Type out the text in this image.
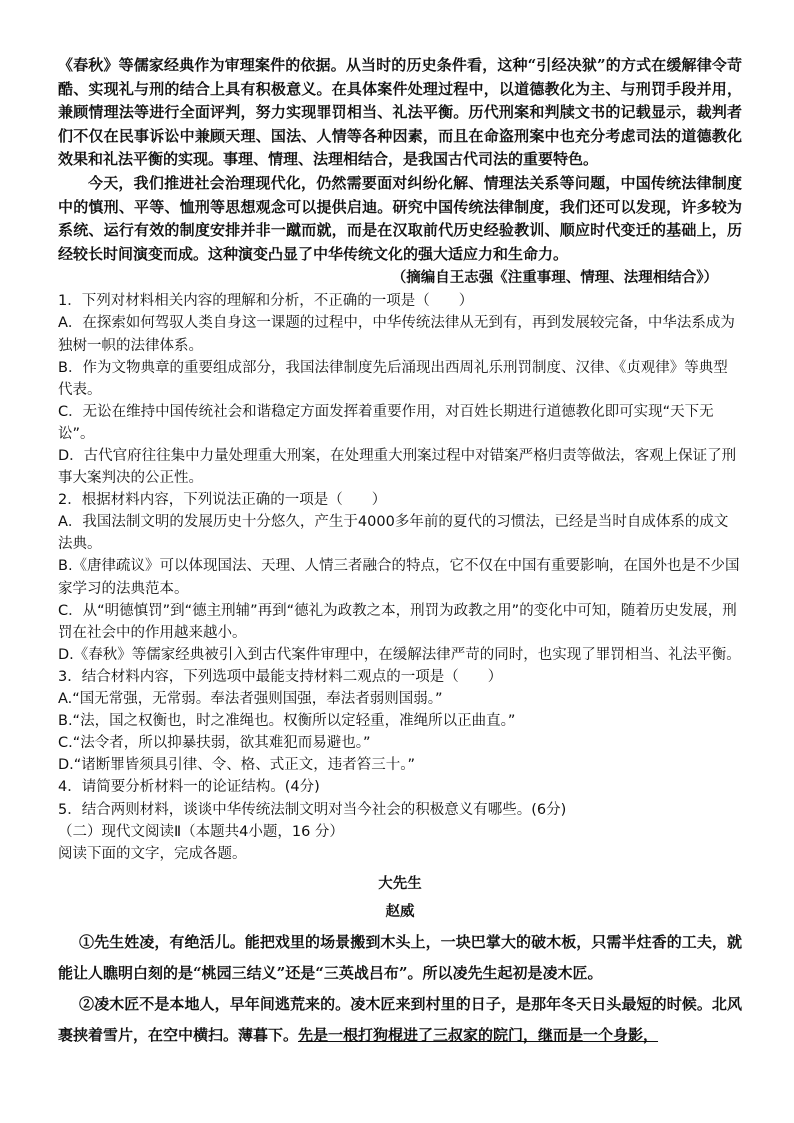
《春秋》等儒家经典作为审理案件的依据。从当时的历史条件看，这种“引经决狱”的方式在缓解律令苛酷、实现礼与刑的结合上具有积极意义。在具体案件处理过程中，以道德教化为主、与刑罚手段并用，兼顾情理法等进行全面评判，努力实现罪罚相当、礼法平衡。历代刑案和判牍文书的记载显示，裁判者们不仅在民事诉讼中兼顾天理、国法、人情等各种因素，而且在命盗刑案中也充分考虑司法的道德教化效果和礼法平衡的实现。事理、情理、法理相结合，是我国古代司法的重要特色。

今天，我们推进社会治理现代化，仍然需要面对纠纷化解、情理法关系等问题，中国传统法律制度中的慎刑、平等、恤刑等思想观念可以提供启迪。研究中国传统法律制度，我们还可以发现，许多较为系统、运行有效的制度安排并非一蹴而就，而是在汉取前代历史经验教训、顺应时代变迁的基础上，历经较长时间演变而成。这种演变凸显了中华传统文化的强大适应力和生命力。

（摘编自王志强《注重事理、情理、法理相结合》）

1．下列对材料相关内容的理解和分析，不正确的一项是（　　）

A．在探索如何驾驭人类自身这一课题的过程中，中华传统法律从无到有，再到发展较完备，中华法系成为独树一帜的法律体系。

B．作为文物典章的重要组成部分，我国法律制度先后涌现出西周礼乐刑罚制度、汉律、《贞观律》等典型代表。

C．无讼在维持中国传统社会和谐稳定方面发挥着重要作用，对百姓长期进行道德教化即可实现“天下无讼”。

D．古代官府往往集中力量处理重大刑案，在处理重大刑案过程中对错案严格归责等做法，客观上保证了刑事大案判决的公正性。

2．根据材料内容，下列说法正确的一项是（　　）

A．我国法制文明的发展历史十分悠久，产生于4000多年前的夏代的习惯法，已经是当时自成体系的成文法典。

B.《唐律疏议》可以体现国法、天理、人情三者融合的特点，它不仅在中国有重要影响，在国外也是不少国家学习的法典范本。

C．从“明德慎罚”到“德主刑辅”再到“德礼为政教之本，刑罚为政教之用”的变化中可知，随着历史发展，刑罚在社会中的作用越来越小。

D.《春秋》等儒家经典被引入到古代案件审理中，在缓解法律严苛的同时，也实现了罪罚相当、礼法平衡。

3．结合材料内容，下列选项中最能支持材料二观点的一项是（　　）

A.“国无常强，无常弱。奉法者强则国强，奉法者弱则国弱。”

B.“法，国之权衡也，时之准绳也。权衡所以定轻重，准绳所以正曲直。”

C.“法令者，所以抑暴扶弱，欲其难犯而易避也。”

D.“诸断罪皆须具引律、令、格、式正文，违者笞三十。”

4．请简要分析材料一的论证结构。(4分)

5．结合两则材料，谈谈中华传统法制文明对当今社会的积极意义有哪些。(6分)

（二）现代文阅读Ⅱ（本题共4小题，16 分）

阅读下面的文字，完成各题。

大先生

赵威

①先生姓凌，有绝活儿。能把戏里的场景搬到木头上，一块巴掌大的破木板，只需半炷香的工夫，就能让人瞧明白刻的是“桃园三结义”还是“三英战吕布”。所以凌先生起初是凌木匠。

②凌木匠不是本地人，早年间逃荒来的。凌木匠来到村里的日子，是那年冬天日头最短的时候。北风裹挟着雪片，在空中横扫。薄暮下。先是一根打狗棍进了三叔家的院门，继而是一个身影，
